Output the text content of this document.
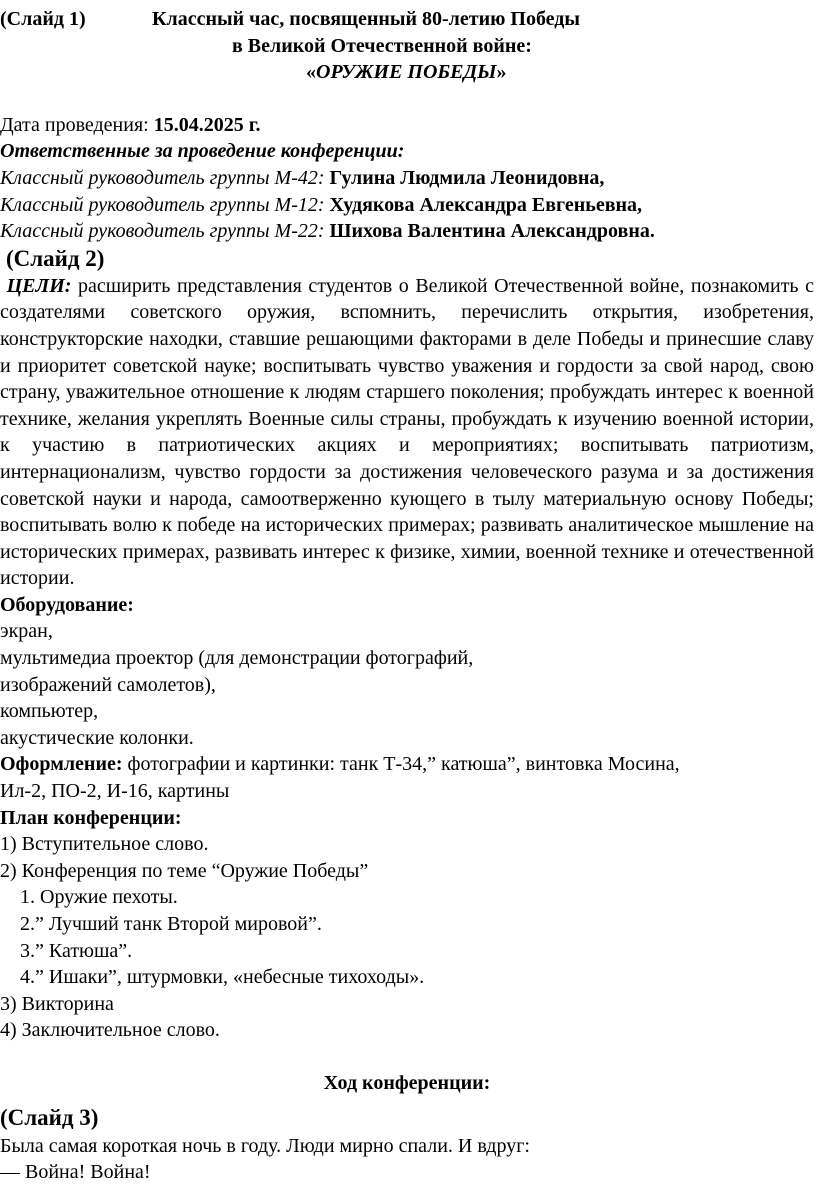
(Слайд 1)	Классный час, посвященный 80-летию Победы
в Великой Отечественной войне:
«ОРУЖИЕ ПОБЕДЫ»
Дата проведения: 15.04.2025 г.
Ответственные за проведение конференции:
Классный руководитель группы М-42: Гулина Людмила Леонидовна,
Классный руководитель группы М-12: Худякова Александра Евгеньевна,
Классный руководитель группы М-22: Шихова Валентина Александровна.
(Слайд 2)
ЦЕЛИ: расширить представления студентов о Великой Отечественной войне, познакомить с создателями советского оружия, вспомнить, перечислить открытия, изобретения, конструкторские находки, ставшие решающими факторами в деле Победы и принесшие славу и приоритет советской науке; воспитывать чувство уважения и гордости за свой народ, свою страну, уважительное отношение к людям старшего поколения; пробуждать интерес к военной технике, желания укреплять Военные силы страны, пробуждать к изучению военной истории, к участию в патриотических акциях и мероприятиях; воспитывать патриотизм, интернационализм, чувство гордости за достижения человеческого разума и за достижения советской науки и народа, самоотверженно кующего в тылу материальную основу Победы; воспитывать волю к победе на исторических примерах; развивать аналитическое мышление на исторических примерах, развивать интерес к физике, химии, военной технике и отечественной истории.
Оборудование:
экран,
мультимедиа проектор (для демонстрации фотографий,
изображений самолетов),
компьютер,
акустические колонки.
Оформление: фотографии и картинки: танк Т-34,” катюша”, винтовка Мосина,
Ил-2, ПО-2, И-16, картины
План конференции:
1) Вступительное слово.
2) Конференция по теме “Оружие Победы”
1. Оружие пехоты.
2.” Лучший танк Второй мировой”.
3.” Катюша”.
4.” Ишаки”, штурмовки, «небесные тихоходы».
3) Викторина
4) Заключительное слово.
Ход конференции:
(Слайд 3)
Была самая короткая ночь в году. Люди мирно спали. И вдруг:
— Война! Война!
